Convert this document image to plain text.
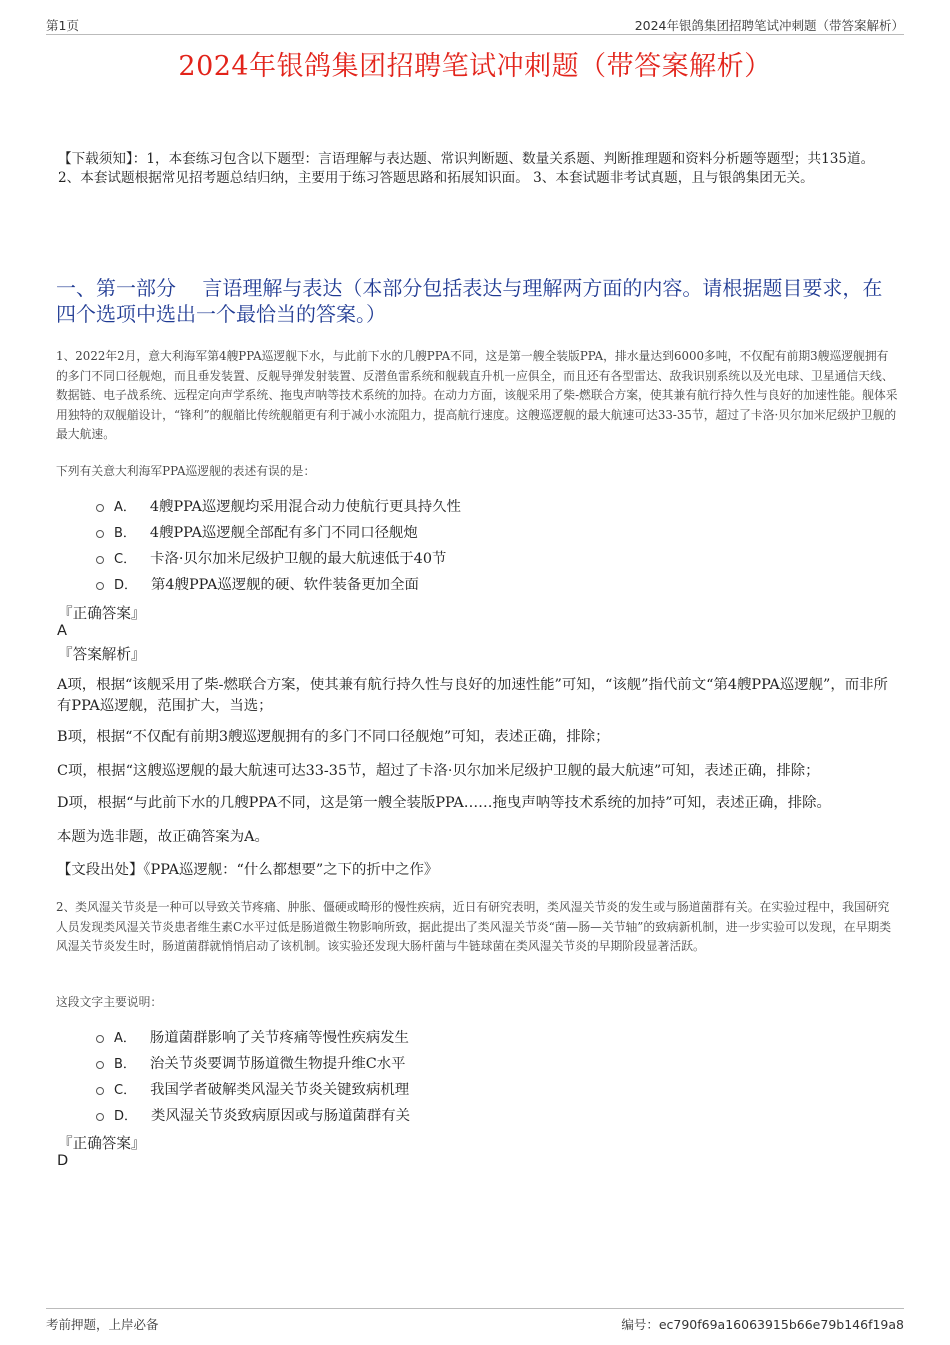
第1页	2024年银鸽集团招聘笔试冲刺题（带答案解析）
2024年银鸽集团招聘笔试冲刺题（带答案解析）
【下载须知】：1，本套练习包含以下题型：言语理解与表达题、常识判断题、数量关系题、判断推理题和资料分析题等题型；共135道。 2、本套试题根据常见招考题总结归纳，主要用于练习答题思路和拓展知识面。 3、本套试题非考试真题，且与银鸽集团无关。
一、第一部分　 言语理解与表达（本部分包括表达与理解两方面的内容。请根据题目要求，在四个选项中选出一个最恰当的答案。）
1、2022年2月，意大利海军第4艘PPA巡逻舰下水，与此前下水的几艘PPA不同，这是第一艘全装版PPA，排水量达到6000多吨，不仅配有前期3艘巡逻舰拥有的多门不同口径舰炮，而且垂发装置、反舰导弹发射装置、反潜鱼雷系统和舰载直升机一应俱全，而且还有各型雷达、敌我识别系统以及光电球、卫星通信天线、数据链、电子战系统、远程定向声学系统、拖曳声呐等技术系统的加持。在动力方面，该舰采用了柴-燃联合方案，使其兼有航行持久性与良好的加速性能。舰体采用独特的双舰艏设计，“锋利”的舰艏比传统舰艏更有利于减小水流阻力，提高航行速度。这艘巡逻舰的最大航速可达33-35节，超过了卡洛·贝尔加米尼级护卫舰的最大航速。
下列有关意大利海军PPA巡逻舰的表述有误的是：
A． 4艘PPA巡逻舰均采用混合动力使航行更具持久性
B． 4艘PPA巡逻舰全部配有多门不同口径舰炮
C． 卡洛·贝尔加米尼级护卫舰的最大航速低于40节
D． 第4艘PPA巡逻舰的硬、软件装备更加全面
『正确答案』
A
『答案解析』
A项，根据“该舰采用了柴-燃联合方案，使其兼有航行持久性与良好的加速性能”可知，“该舰”指代前文“第4艘PPA巡逻舰”，而非所有PPA巡逻舰，范围扩大，当选；
B项，根据“不仅配有前期3艘巡逻舰拥有的多门不同口径舰炮”可知，表述正确，排除；
C项，根据“这艘巡逻舰的最大航速可达33-35节，超过了卡洛·贝尔加米尼级护卫舰的最大航速”可知，表述正确，排除；
D项，根据“与此前下水的几艘PPA不同，这是第一艘全装版PPA……拖曳声呐等技术系统的加持”可知，表述正确，排除。
本题为选非题，故正确答案为A。
【文段出处】《PPA巡逻舰：“什么都想要”之下的折中之作》
2、类风湿关节炎是一种可以导致关节疼痛、肿胀、僵硬或畸形的慢性疾病，近日有研究表明，类风湿关节炎的发生或与肠道菌群有关。在实验过程中，我国研究人员发现类风湿关节炎患者维生素C水平过低是肠道微生物影响所致，据此提出了类风湿关节炎“菌—肠—关节轴”的致病新机制，进一步实验可以发现，在早期类风湿关节炎发生时，肠道菌群就悄悄启动了该机制。该实验还发现大肠杆菌与牛链球菌在类风湿关节炎的早期阶段显著活跃。
这段文字主要说明：
A． 肠道菌群影响了关节疼痛等慢性疾病发生
B． 治关节炎要调节肠道微生物提升维C水平
C． 我国学者破解类风湿关节炎关键致病机理
D． 类风湿关节炎致病原因或与肠道菌群有关
『正确答案』
D
考前押题，上岸必备	编号：ec790f69a16063915b66e79b146f19a8
